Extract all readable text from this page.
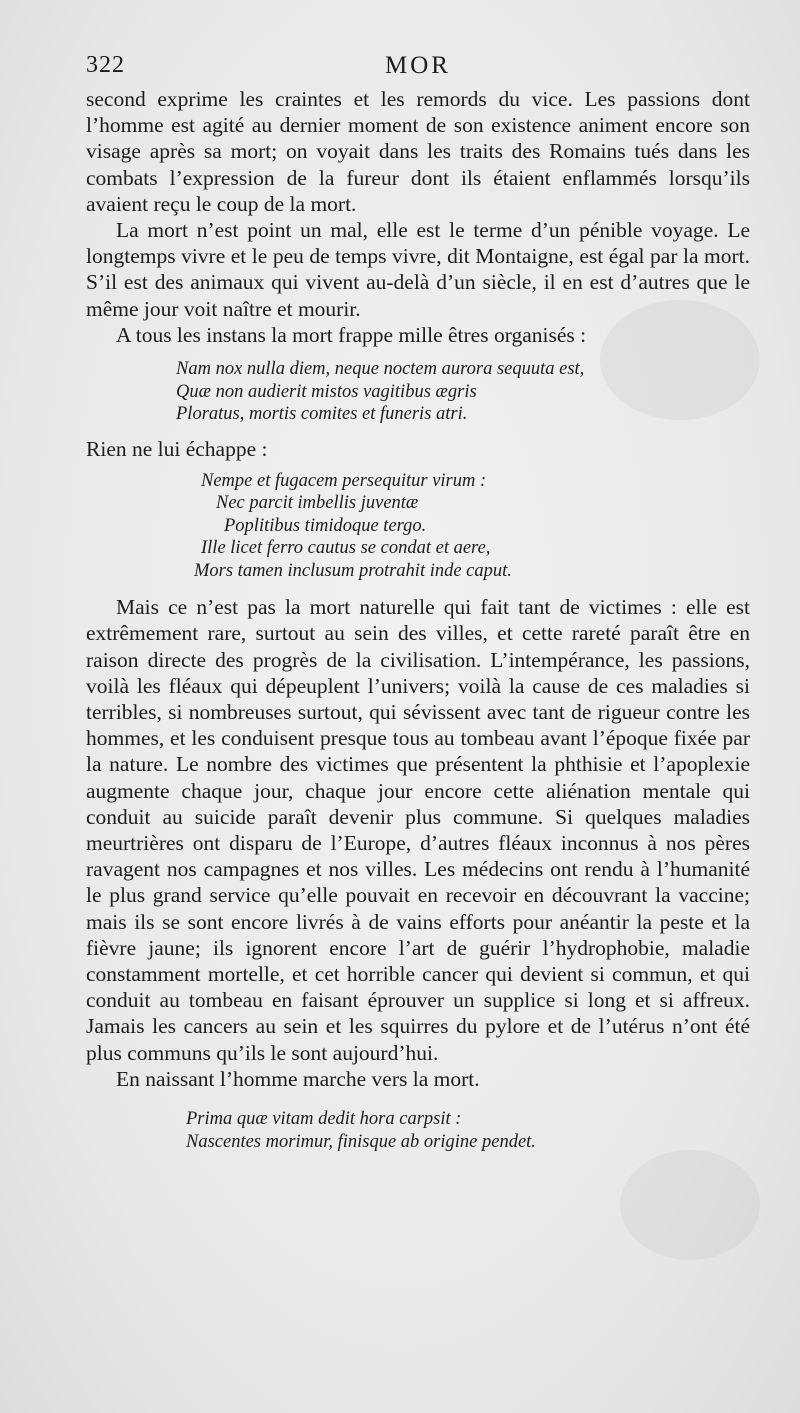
322	MOR

second exprime les craintes et les remords du vice. Les passions dont l’homme est agité au dernier moment de son existence animent encore son visage après sa mort; on voyait dans les traits des Romains tués dans les combats l’expression de la fureur dont ils étaient enflammés lorsqu’ils avaient reçu le coup de la mort.

La mort n’est point un mal, elle est le terme d’un pénible voyage. Le longtemps vivre et le peu de temps vivre, dit Montaigne, est égal par la mort. S’il est des animaux qui vivent au-delà d’un siècle, il en est d’autres que le même jour voit naître et mourir.

A tous les instans la mort frappe mille êtres organisés :

Nam nox nulla diem, neque noctem aurora sequuta est,
Quæ non audierit mistos vagitibus ægris
Ploratus, mortis comites et funeris atri.

Rien ne lui échappe :

Nempe et fugacem persequitur virum :
Nec parcit imbellis juventæ
Poplitibus timidoque tergo.
Ille licet ferro cautus se condat et aere,
Mors tamen inclusum protrahit inde caput.

Mais ce n’est pas la mort naturelle qui fait tant de victimes : elle est extrêmement rare, surtout au sein des villes, et cette rareté paraît être en raison directe des progrès de la civilisation. L’intempérance, les passions, voilà les fléaux qui dépeuplent l’univers; voilà la cause de ces maladies si terribles, si nombreuses surtout, qui sévissent avec tant de rigueur contre les hommes, et les conduisent presque tous au tombeau avant l’époque fixée par la nature. Le nombre des victimes que présentent la phthisie et l’apoplexie augmente chaque jour, chaque jour encore cette aliénation mentale qui conduit au suicide paraît devenir plus commune. Si quelques maladies meurtrières ont disparu de l’Europe, d’autres fléaux inconnus à nos pères ravagent nos campagnes et nos villes. Les médecins ont rendu à l’humanité le plus grand service qu’elle pouvait en recevoir en découvrant la vaccine; mais ils se sont encore livrés à de vains efforts pour anéantir la peste et la fièvre jaune; ils ignorent encore l’art de guérir l’hydrophobie, maladie constamment mortelle, et cet horrible cancer qui devient si commun, et qui conduit au tombeau en faisant éprouver un supplice si long et si affreux. Jamais les cancers au sein et les squirres du pylore et de l’utérus n’ont été plus communs qu’ils le sont aujourd’hui.

En naissant l’homme marche vers la mort.

Prima quæ vitam dedit hora carpsit :
Nascentes morimur, finisque ab origine pendet.
